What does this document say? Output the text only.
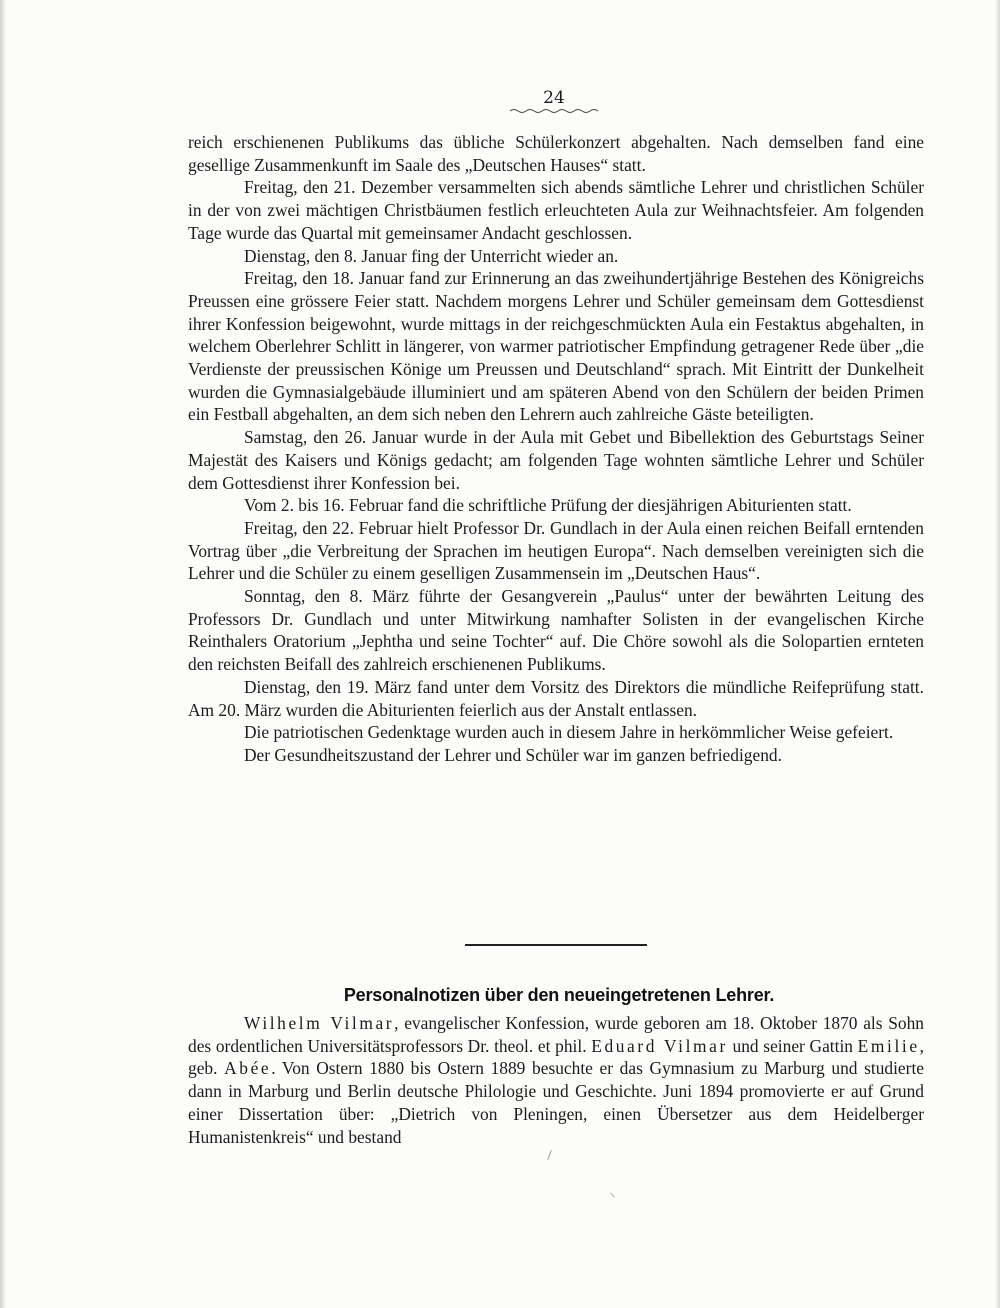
24

reich erschienenen Publikums das übliche Schülerkonzert abgehalten. Nach demselben fand eine gesellige Zusammenkunft im Saale des „Deutschen Hauses“ statt.

Freitag, den 21. Dezember versammelten sich abends sämtliche Lehrer und christlichen Schüler in der von zwei mächtigen Christbäumen festlich erleuchteten Aula zur Weihnachtsfeier. Am folgenden Tage wurde das Quartal mit gemeinsamer Andacht geschlossen.

Dienstag, den 8. Januar fing der Unterricht wieder an.

Freitag, den 18. Januar fand zur Erinnerung an das zweihundertjährige Bestehen des Königreichs Preussen eine grössere Feier statt. Nachdem morgens Lehrer und Schüler gemeinsam dem Gottesdienst ihrer Konfession beigewohnt, wurde mittags in der reichgeschmückten Aula ein Festaktus abgehalten, in welchem Oberlehrer Schlitt in längerer, von warmer patriotischer Empfindung getragener Rede über „die Verdienste der preussischen Könige um Preussen und Deutschland“ sprach. Mit Eintritt der Dunkelheit wurden die Gymnasialgebäude illuminiert und am späteren Abend von den Schülern der beiden Primen ein Festball abgehalten, an dem sich neben den Lehrern auch zahlreiche Gäste beteiligten.

Samstag, den 26. Januar wurde in der Aula mit Gebet und Bibellektion des Geburtstags Seiner Majestät des Kaisers und Königs gedacht; am folgenden Tage wohnten sämtliche Lehrer und Schüler dem Gottesdienst ihrer Konfession bei.

Vom 2. bis 16. Februar fand die schriftliche Prüfung der diesjährigen Abiturienten statt.

Freitag, den 22. Februar hielt Professor Dr. Gundlach in der Aula einen reichen Beifall erntenden Vortrag über „die Verbreitung der Sprachen im heutigen Europa“. Nach demselben vereinigten sich die Lehrer und die Schüler zu einem geselligen Zusammensein im „Deutschen Haus“.

Sonntag, den 8. März führte der Gesangverein „Paulus“ unter der bewährten Leitung des Professors Dr. Gundlach und unter Mitwirkung namhafter Solisten in der evangelischen Kirche Reinthalers Oratorium „Jephtha und seine Tochter“ auf. Die Chöre sowohl als die Solopartien ernteten den reichsten Beifall des zahlreich erschienenen Publikums.

Dienstag, den 19. März fand unter dem Vorsitz des Direktors die mündliche Reifeprüfung statt. Am 20. März wurden die Abiturienten feierlich aus der Anstalt entlassen.

Die patriotischen Gedenktage wurden auch in diesem Jahre in herkömmlicher Weise gefeiert.

Der Gesundheitszustand der Lehrer und Schüler war im ganzen befriedigend.

Personalnotizen über den neueingetretenen Lehrer.

Wilhelm Vilmar, evangelischer Konfession, wurde geboren am 18. Oktober 1870 als Sohn des ordentlichen Universitätsprofessors Dr. theol. et phil. Eduard Vilmar und seiner Gattin Emilie, geb. Abée. Von Ostern 1880 bis Ostern 1889 besuchte er das Gymnasium zu Marburg und studierte dann in Marburg und Berlin deutsche Philologie und Geschichte. Juni 1894 promovierte er auf Grund einer Dissertation über: „Dietrich von Pleningen, einen Übersetzer aus dem Heidelberger Humanistenkreis“ und bestand
